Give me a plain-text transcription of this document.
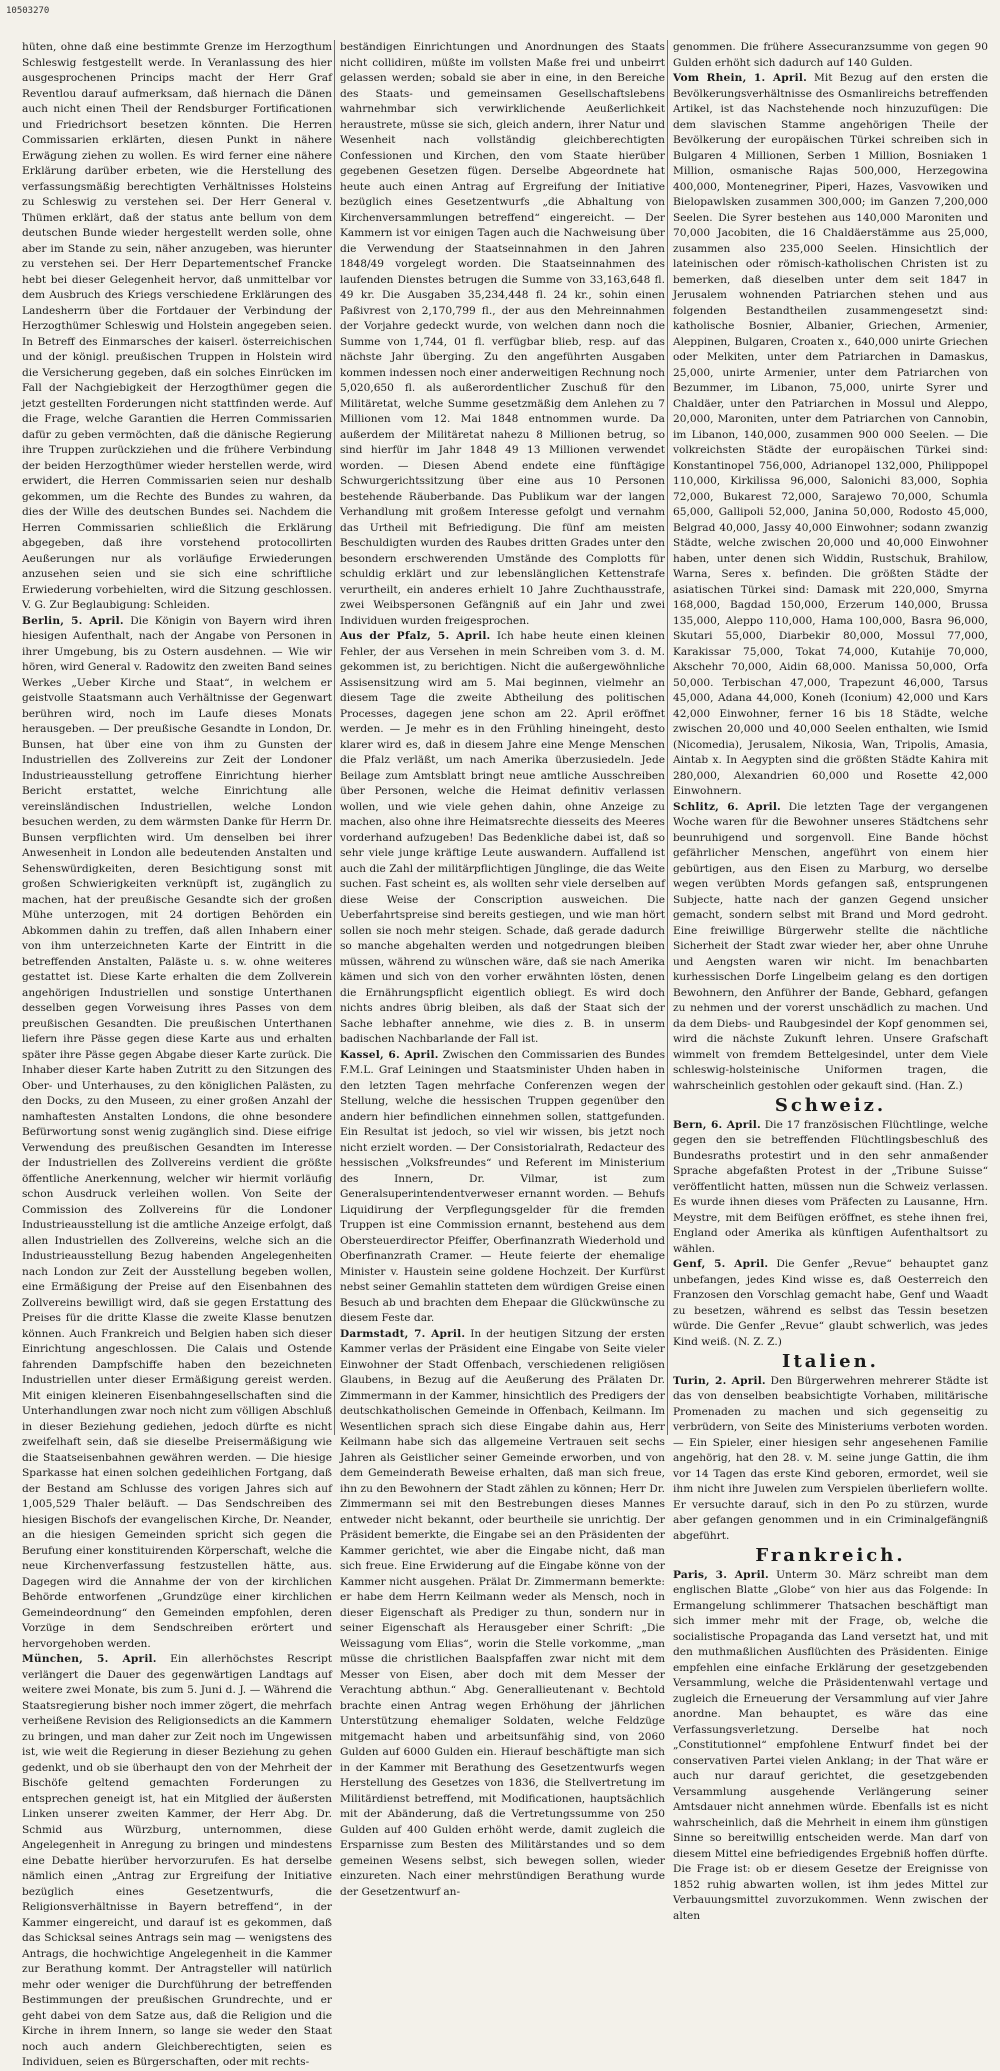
10503270

hüten, ohne daß eine bestimmte Grenze im Herzogthum Schleswig festgestellt werde. In Veranlassung des hier ausgesprochenen Princips macht der Herr Graf Reventlou darauf aufmerksam, daß hiernach die Dänen auch nicht einen Theil der Rendsburger Fortificationen und Friedrichsort besetzen könnten. Die Herren Commissarien erklärten, diesen Punkt in nähere Erwägung ziehen zu wollen. Es wird ferner eine nähere Erklärung darüber erbeten, wie die Herstellung des verfassungsmäßig berechtigten Verhältnisses Holsteins zu Schleswig zu verstehen sei. Der Herr General v. Thümen erklärt, daß der status ante bellum von dem deutschen Bunde wieder hergestellt werden solle, ohne aber im Stande zu sein, näher anzugeben, was hierunter zu verstehen sei. Der Herr Departementschef Francke hebt bei dieser Gelegenheit hervor, daß unmittelbar vor dem Ausbruch des Kriegs verschiedene Erklärungen des Landesherrn über die Fortdauer der Verbindung der Herzogthümer Schleswig und Holstein angegeben seien. In Betreff des Einmarsches der kaiserl. österreichischen und der königl. preußischen Truppen in Holstein wird die Versicherung gegeben, daß ein solches Einrücken im Fall der Nachgiebigkeit der Herzogthümer gegen die jetzt gestellten Forderungen nicht stattfinden werde. Auf die Frage, welche Garantien die Herren Commissarien dafür zu geben vermöchten, daß die dänische Regierung ihre Truppen zurückziehen und die frühere Verbindung der beiden Herzogthümer wieder herstellen werde, wird erwidert, die Herren Commissarien seien nur deshalb gekommen, um die Rechte des Bundes zu wahren, da dies der Wille des deutschen Bundes sei. Nachdem die Herren Commissarien schließlich die Erklärung abgegeben, daß ihre vorstehend protocollirten Aeußerungen nur als vorläufige Erwiederungen anzusehen seien und sie sich eine schriftliche Erwiederung vorbehielten, wird die Sitzung geschlossen. V. G. Zur Beglaubigung: Schleiden.

Berlin, 5. April. Die Königin von Bayern wird ihren hiesigen Aufenthalt, nach der Angabe von Personen in ihrer Umgebung, bis zu Ostern ausdehnen. — Wie wir hören, wird General v. Radowitz den zweiten Band seines Werkes „Ueber Kirche und Staat“, in welchem er geistvolle Staatsmann auch Verhältnisse der Gegenwart berühren wird, noch im Laufe dieses Monats herausgeben. — Der preußische Gesandte in London, Dr. Bunsen, hat über eine von ihm zu Gunsten der Industriellen des Zollvereins zur Zeit der Londoner Industrieausstellung getroffene Einrichtung hierher Bericht erstattet, welche Einrichtung alle vereinsländischen Industriellen, welche London besuchen werden, zu dem wärmsten Danke für Herrn Dr. Bunsen verpflichten wird. Um denselben bei ihrer Anwesenheit in London alle bedeutenden Anstalten und Sehenswürdigkeiten, deren Besichtigung sonst mit großen Schwierigkeiten verknüpft ist, zugänglich zu machen, hat der preußische Gesandte sich der großen Mühe unterzogen, mit 24 dortigen Behörden ein Abkommen dahin zu treffen, daß allen Inhabern einer von ihm unterzeichneten Karte der Eintritt in die betreffenden Anstalten, Paläste u. s. w. ohne weiteres gestattet ist. Diese Karte erhalten die dem Zollverein angehörigen Industriellen und sonstige Unterthanen desselben gegen Vorweisung ihres Passes von dem preußischen Gesandten. Die preußischen Unterthanen liefern ihre Pässe gegen diese Karte aus und erhalten später ihre Pässe gegen Abgabe dieser Karte zurück. Die Inhaber dieser Karte haben Zutritt zu den Sitzungen des Ober- und Unterhauses, zu den königlichen Palästen, zu den Docks, zu den Museen, zu einer großen Anzahl der namhaftesten Anstalten Londons, die ohne besondere Befürwortung sonst wenig zugänglich sind. Diese eifrige Verwendung des preußischen Gesandten im Interesse der Industriellen des Zollvereins verdient die größte öffentliche Anerkennung, welcher wir hiermit vorläufig schon Ausdruck verleihen wollen. Von Seite der Commission des Zollvereins für die Londoner Industrieausstellung ist die amtliche Anzeige erfolgt, daß allen Industriellen des Zollvereins, welche sich an die Industrieausstellung Bezug habenden Angelegenheiten nach London zur Zeit der Ausstellung begeben wollen, eine Ermäßigung der Preise auf den Eisenbahnen des Zollvereins bewilligt wird, daß sie gegen Erstattung des Preises für die dritte Klasse die zweite Klasse benutzen können. Auch Frankreich und Belgien haben sich dieser Einrichtung angeschlossen. Die Calais und Ostende fahrenden Dampfschiffe haben den bezeichneten Industriellen unter dieser Ermäßigung gereist werden. Mit einigen kleineren Eisenbahngesellschaften sind die Unterhandlungen zwar noch nicht zum völligen Abschluß in dieser Beziehung gediehen, jedoch dürfte es nicht zweifelhaft sein, daß sie dieselbe Preisermäßigung wie die Staatseisenbahnen gewähren werden. — Die hiesige Sparkasse hat einen solchen gedeihlichen Fortgang, daß der Bestand am Schlusse des vorigen Jahres sich auf 1,005,529 Thaler beläuft. — Das Sendschreiben des hiesigen Bischofs der evangelischen Kirche, Dr. Neander, an die hiesigen Gemeinden spricht sich gegen die Berufung einer konstituirenden Körperschaft, welche die neue Kirchenverfassung festzustellen hätte, aus. Dagegen wird die Annahme der von der kirchlichen Behörde entworfenen „Grundzüge einer kirchlichen Gemeindeordnung“ den Gemeinden empfohlen, deren Vorzüge in dem Sendschreiben erörtert und hervorgehoben werden.

München, 5. April. Ein allerhöchstes Rescript verlängert die Dauer des gegenwärtigen Landtags auf weitere zwei Monate, bis zum 5. Juni d. J. — Während die Staatsregierung bisher noch immer zögert, die mehrfach verheißene Revision des Religionsedicts an die Kammern zu bringen, und man daher zur Zeit noch im Ungewissen ist, wie weit die Regierung in dieser Beziehung zu gehen gedenkt, und ob sie überhaupt den von der Mehrheit der Bischöfe geltend gemachten Forderungen zu entsprechen geneigt ist, hat ein Mitglied der äußersten Linken unserer zweiten Kammer, der Herr Abg. Dr. Schmid aus Würzburg, unternommen, diese Angelegenheit in Anregung zu bringen und mindestens eine Debatte hierüber hervorzurufen. Es hat derselbe nämlich einen „Antrag zur Ergreifung der Initiative bezüglich eines Gesetzentwurfs, die Religionsverhältnisse in Bayern betreffend“, in der Kammer eingereicht, und darauf ist es gekommen, daß das Schicksal seines Antrags sein mag — wenigstens des Antrags, die hochwichtige Angelegenheit in die Kammer zur Berathung kommt. Der Antragsteller will natürlich mehr oder weniger die Durchführung der betreffenden Bestimmungen der preußischen Grundrechte, und er geht dabei von dem Satze aus, daß die Religion und die Kirche in ihrem Innern, so lange sie weder den Staat noch auch andern Gleichberechtigten, seien es Individuen, seien es Bürgerschaften, oder mit rechts-

beständigen Einrichtungen und Anordnungen des Staats nicht collidiren, müßte im vollsten Maße frei und unbeirrt gelassen werden; sobald sie aber in eine, in den Bereiche des Staats- und gemeinsamen Gesellschaftslebens wahrnehmbar sich verwirklichende Aeußerlichkeit heraustrete, müsse sie sich, gleich andern, ihrer Natur und Wesenheit nach vollständig gleichberechtigten Confessionen und Kirchen, den vom Staate hierüber gegebenen Gesetzen fügen. Derselbe Abgeordnete hat heute auch einen Antrag auf Ergreifung der Initiative bezüglich eines Gesetzentwurfs „die Abhaltung von Kirchenversammlungen betreffend“ eingereicht. — Der Kammern ist vor einigen Tagen auch die Nachweisung über die Verwendung der Staatseinnahmen in den Jahren 1848/49 vorgelegt worden. Die Staatseinnahmen des laufenden Dienstes betrugen die Summe von 33,163,648 fl. 49 kr. Die Ausgaben 35,234,448 fl. 24 kr., sohin einen Paßivrest von 2,170,799 fl., der aus den Mehreinnahmen der Vorjahre gedeckt wurde, von welchen dann noch die Summe von 1,744, 01 fl. verfügbar blieb, resp. auf das nächste Jahr überging. Zu den angeführten Ausgaben kommen indessen noch einer anderweitigen Rechnung noch 5,020,650 fl. als außerordentlicher Zuschuß für den Militäretat, welche Summe gesetzmäßig dem Anlehen zu 7 Millionen vom 12. Mai 1848 entnommen wurde. Da außerdem der Militäretat nahezu 8 Millionen betrug, so sind hierfür im Jahr 1848 49 13 Millionen verwendet worden. — Diesen Abend endete eine fünftägige Schwurgerichtssitzung über eine aus 10 Personen bestehende Räuberbande. Das Publikum war der langen Verhandlung mit großem Interesse gefolgt und vernahm das Urtheil mit Befriedigung. Die fünf am meisten Beschuldigten wurden des Raubes dritten Grades unter den besondern erschwerenden Umstände des Complotts für schuldig erklärt und zur lebenslänglichen Kettenstrafe verurtheilt, ein anderes erhielt 10 Jahre Zuchthausstrafe, zwei Weibspersonen Gefängniß auf ein Jahr und zwei Individuen wurden freigesprochen.

Aus der Pfalz, 5. April. Ich habe heute einen kleinen Fehler, der aus Versehen in mein Schreiben vom 3. d. M. gekommen ist, zu berichtigen. Nicht die außergewöhnliche Assisensitzung wird am 5. Mai beginnen, vielmehr an diesem Tage die zweite Abtheilung des politischen Processes, dagegen jene schon am 22. April eröffnet werden. — Je mehr es in den Frühling hineingeht, desto klarer wird es, daß in diesem Jahre eine Menge Menschen die Pfalz verläßt, um nach Amerika überzusiedeln. Jede Beilage zum Amtsblatt bringt neue amtliche Ausschreiben über Personen, welche die Heimat definitiv verlassen wollen, und wie viele gehen dahin, ohne Anzeige zu machen, also ohne ihre Heimatsrechte diesseits des Meeres vorderhand aufzugeben! Das Bedenkliche dabei ist, daß so sehr viele junge kräftige Leute auswandern. Auffallend ist auch die Zahl der militärpflichtigen Jünglinge, die das Weite suchen. Fast scheint es, als wollten sehr viele derselben auf diese Weise der Conscription ausweichen. Die Ueberfahrtspreise sind bereits gestiegen, und wie man hört sollen sie noch mehr steigen. Schade, daß gerade dadurch so manche abgehalten werden und notgedrungen bleiben müssen, während zu wünschen wäre, daß sie nach Amerika kämen und sich von den vorher erwähnten lösten, denen die Ernährungspflicht eigentlich obliegt. Es wird doch nichts andres übrig bleiben, als daß der Staat sich der Sache lebhafter annehme, wie dies z. B. in unserm badischen Nachbarlande der Fall ist.

Kassel, 6. April. Zwischen den Commissarien des Bundes F.M.L. Graf Leiningen und Staatsminister Uhden haben in den letzten Tagen mehrfache Conferenzen wegen der Stellung, welche die hessischen Truppen gegenüber den andern hier befindlichen einnehmen sollen, stattgefunden. Ein Resultat ist jedoch, so viel wir wissen, bis jetzt noch nicht erzielt worden. — Der Consistorialrath, Redacteur des hessischen „Volksfreundes“ und Referent im Ministerium des Innern, Dr. Vilmar, ist zum Generalsuperintendentverweser ernannt worden. — Behufs Liquidirung der Verpflegungsgelder für die fremden Truppen ist eine Commission ernannt, bestehend aus dem Obersteuerdirector Pfeiffer, Oberfinanzrath Wiederhold und Oberfinanzrath Cramer. — Heute feierte der ehemalige Minister v. Haustein seine goldene Hochzeit. Der Kurfürst nebst seiner Gemahlin statteten dem würdigen Greise einen Besuch ab und brachten dem Ehepaar die Glückwünsche zu diesem Feste dar.

Darmstadt, 7. April. In der heutigen Sitzung der ersten Kammer verlas der Präsident eine Eingabe von Seite vieler Einwohner der Stadt Offenbach, verschiedenen religiösen Glaubens, in Bezug auf die Aeußerung des Prälaten Dr. Zimmermann in der Kammer, hinsichtlich des Predigers der deutschkatholischen Gemeinde in Offenbach, Keilmann. Im Wesentlichen sprach sich diese Eingabe dahin aus, Herr Keilmann habe sich das allgemeine Vertrauen seit sechs Jahren als Geistlicher seiner Gemeinde erworben, und von dem Gemeinderath Beweise erhalten, daß man sich freue, ihn zu den Bewohnern der Stadt zählen zu können; Herr Dr. Zimmermann sei mit den Bestrebungen dieses Mannes entweder nicht bekannt, oder beurtheile sie unrichtig. Der Präsident bemerkte, die Eingabe sei an den Präsidenten der Kammer gerichtet, wie aber die Eingabe nicht, daß man sich freue. Eine Erwiderung auf die Eingabe könne von der Kammer nicht ausgehen. Prälat Dr. Zimmermann bemerkte: er habe dem Herrn Keilmann weder als Mensch, noch in dieser Eigenschaft als Prediger zu thun, sondern nur in seiner Eigenschaft als Herausgeber einer Schrift: „Die Weissagung vom Elias“, worin die Stelle vorkomme, „man müsse die christlichen Baalspfaffen zwar nicht mit dem Messer von Eisen, aber doch mit dem Messer der Verachtung abthun.“ Abg. Generallieutenant v. Bechtold brachte einen Antrag wegen Erhöhung der jährlichen Unterstützung ehemaliger Soldaten, welche Feldzüge mitgemacht haben und arbeitsunfähig sind, von 2060 Gulden auf 6000 Gulden ein. Hierauf beschäftigte man sich in der Kammer mit Berathung des Gesetzentwurfs wegen Herstellung des Gesetzes von 1836, die Stellvertretung im Militärdienst betreffend, mit Modificationen, hauptsächlich mit der Abänderung, daß die Vertretungssumme von 250 Gulden auf 400 Gulden erhöht werde, damit zugleich die Ersparnisse zum Besten des Militärstandes und so dem gemeinen Wesens selbst, sich bewegen sollen, wieder einzureten. Nach einer mehrstündigen Berathung wurde der Gesetzentwurf an-

genommen. Die frühere Assecuranzsumme von gegen 90 Gulden erhöht sich dadurch auf 140 Gulden.

Vom Rhein, 1. April. Mit Bezug auf den ersten die Bevölkerungsverhältnisse des Osmanlireichs betreffenden Artikel, ist das Nachstehende noch hinzuzufügen: Die dem slavischen Stamme angehörigen Theile der Bevölkerung der europäischen Türkei schreiben sich in Bulgaren 4 Millionen, Serben 1 Million, Bosniaken 1 Million, osmanische Rajas 500,000, Herzegowina 400,000, Montenegriner, Piperi, Hazes, Vasvowiken und Bielopawlsken zusammen 300,000; im Ganzen 7,200,000 Seelen. Die Syrer bestehen aus 140,000 Maroniten und 70,000 Jacobiten, die 16 Chaldäerstämme aus 25,000, zusammen also 235,000 Seelen. Hinsichtlich der lateinischen oder römisch-katholischen Christen ist zu bemerken, daß dieselben unter dem seit 1847 in Jerusalem wohnenden Patriarchen stehen und aus folgenden Bestandtheilen zusammengesetzt sind: katholische Bosnier, Albanier, Griechen, Armenier, Aleppinen, Bulgaren, Croaten x., 640,000 unirte Griechen oder Melkiten, unter dem Patriarchen in Damaskus, 25,000, unirte Armenier, unter dem Patriarchen von Bezummer, im Libanon, 75,000, unirte Syrer und Chaldäer, unter den Patriarchen in Mossul und Aleppo, 20,000, Maroniten, unter dem Patriarchen von Cannobin, im Libanon, 140,000, zusammen 900 000 Seelen. — Die volkreichsten Städte der europäischen Türkei sind: Konstantinopel 756,000, Adrianopel 132,000, Philippopel 110,000, Kirkilissa 96,000, Salonichi 83,000, Sophia 72,000, Bukarest 72,000, Sarajewo 70,000, Schumla 65,000, Gallipoli 52,000, Janina 50,000, Rodosto 45,000, Belgrad 40,000, Jassy 40,000 Einwohner; sodann zwanzig Städte, welche zwischen 20,000 und 40,000 Einwohner haben, unter denen sich Widdin, Rustschuk, Brahilow, Warna, Seres x. befinden. Die größten Städte der asiatischen Türkei sind: Damask mit 220,000, Smyrna 168,000, Bagdad 150,000, Erzerum 140,000, Brussa 135,000, Aleppo 110,000, Hama 100,000, Basra 96,000, Skutari 55,000, Diarbekir 80,000, Mossul 77,000, Karakissar 75,000, Tokat 74,000, Kutahije 70,000, Akschehr 70,000, Aidin 68,000. Manissa 50,000, Orfa 50,000. Terbischan 47,000, Trapezunt 46,000, Tarsus 45,000, Adana 44,000, Koneh (Iconium) 42,000 und Kars 42,000 Einwohner, ferner 16 bis 18 Städte, welche zwischen 20,000 und 40,000 Seelen enthalten, wie Ismid (Nicomedia), Jerusalem, Nikosia, Wan, Tripolis, Amasia, Aintab x. In Aegypten sind die größten Städte Kahira mit 280,000, Alexandrien 60,000 und Rosette 42,000 Einwohnern.

Schlitz, 6. April. Die letzten Tage der vergangenen Woche waren für die Bewohner unseres Städtchens sehr beunruhigend und sorgenvoll. Eine Bande höchst gefährlicher Menschen, angeführt von einem hier gebürtigen, aus den Eisen zu Marburg, wo derselbe wegen verübten Mords gefangen saß, entsprungenen Subjecte, hatte nach der ganzen Gegend unsicher gemacht, sondern selbst mit Brand und Mord gedroht. Eine freiwillige Bürgerwehr stellte die nächtliche Sicherheit der Stadt zwar wieder her, aber ohne Unruhe und Aengsten waren wir nicht. Im benachbarten kurhessischen Dorfe Lingelbeim gelang es den dortigen Bewohnern, den Anführer der Bande, Gebhard, gefangen zu nehmen und der vorerst unschädlich zu machen. Und da dem Diebs- und Raubgesindel der Kopf genommen sei, wird die nächste Zukunft lehren. Unsere Grafschaft wimmelt von fremdem Bettelgesindel, unter dem Viele schleswig-holsteinische Uniformen tragen, die wahrscheinlich gestohlen oder gekauft sind. (Han. Z.)

Schweiz.

Bern, 6. April. Die 17 französischen Flüchtlinge, welche gegen den sie betreffenden Flüchtlingsbeschluß des Bundesraths protestirt und in den sehr anmaßender Sprache abgefaßten Protest in der „Tribune Suisse“ veröffentlicht hatten, müssen nun die Schweiz verlassen. Es wurde ihnen dieses vom Präfecten zu Lausanne, Hrn. Meystre, mit dem Beifügen eröffnet, es stehe ihnen frei, England oder Amerika als künftigen Aufenthaltsort zu wählen.

Genf, 5. April. Die Genfer „Revue“ behauptet ganz unbefangen, jedes Kind wisse es, daß Oesterreich den Franzosen den Vorschlag gemacht habe, Genf und Waadt zu besetzen, während es selbst das Tessin besetzen würde. Die Genfer „Revue“ glaubt schwerlich, was jedes Kind weiß. (N. Z. Z.)

Italien.

Turin, 2. April. Den Bürgerwehren mehrerer Städte ist das von denselben beabsichtigte Vorhaben, militärische Promenaden zu machen und sich gegenseitig zu verbrüdern, von Seite des Ministeriums verboten worden. — Ein Spieler, einer hiesigen sehr angesehenen Familie angehörig, hat den 28. v. M. seine junge Gattin, die ihm vor 14 Tagen das erste Kind geboren, ermordet, weil sie ihm nicht ihre Juwelen zum Verspielen überliefern wollte. Er versuchte darauf, sich in den Po zu stürzen, wurde aber gefangen genommen und in ein Criminalgefängniß abgeführt.

Frankreich.

Paris, 3. April. Unterm 30. März schreibt man dem englischen Blatte „Globe“ von hier aus das Folgende: In Ermangelung schlimmerer Thatsachen beschäftigt man sich immer mehr mit der Frage, ob, welche die socialistische Propaganda das Land versetzt hat, und mit den muthmaßlichen Ausflüchten des Präsidenten. Einige empfehlen eine einfache Erklärung der gesetzgebenden Versammlung, welche die Präsidentenwahl vertage und zugleich die Erneuerung der Versammlung auf vier Jahre anordne. Man behauptet, es wäre das eine Verfassungsverletzung. Derselbe hat noch „Constitutionnel“ empfohlene Entwurf findet bei der conservativen Partei vielen Anklang; in der That wäre er auch nur darauf gerichtet, die gesetzgebenden Versammlung ausgehende Verlängerung seiner Amtsdauer nicht annehmen würde. Ebenfalls ist es nicht wahrscheinlich, daß die Mehrheit in einem ihm günstigen Sinne so bereitwillig entscheiden werde. Man darf von diesem Mittel eine befriedigendes Ergebniß hoffen dürfte. Die Frage ist: ob er diesem Gesetze der Ereignisse von 1852 ruhig abwarten wollen, ist ihm jedes Mittel zur Verbauungsmittel zuvorzukommen. Wenn zwischen der alten
